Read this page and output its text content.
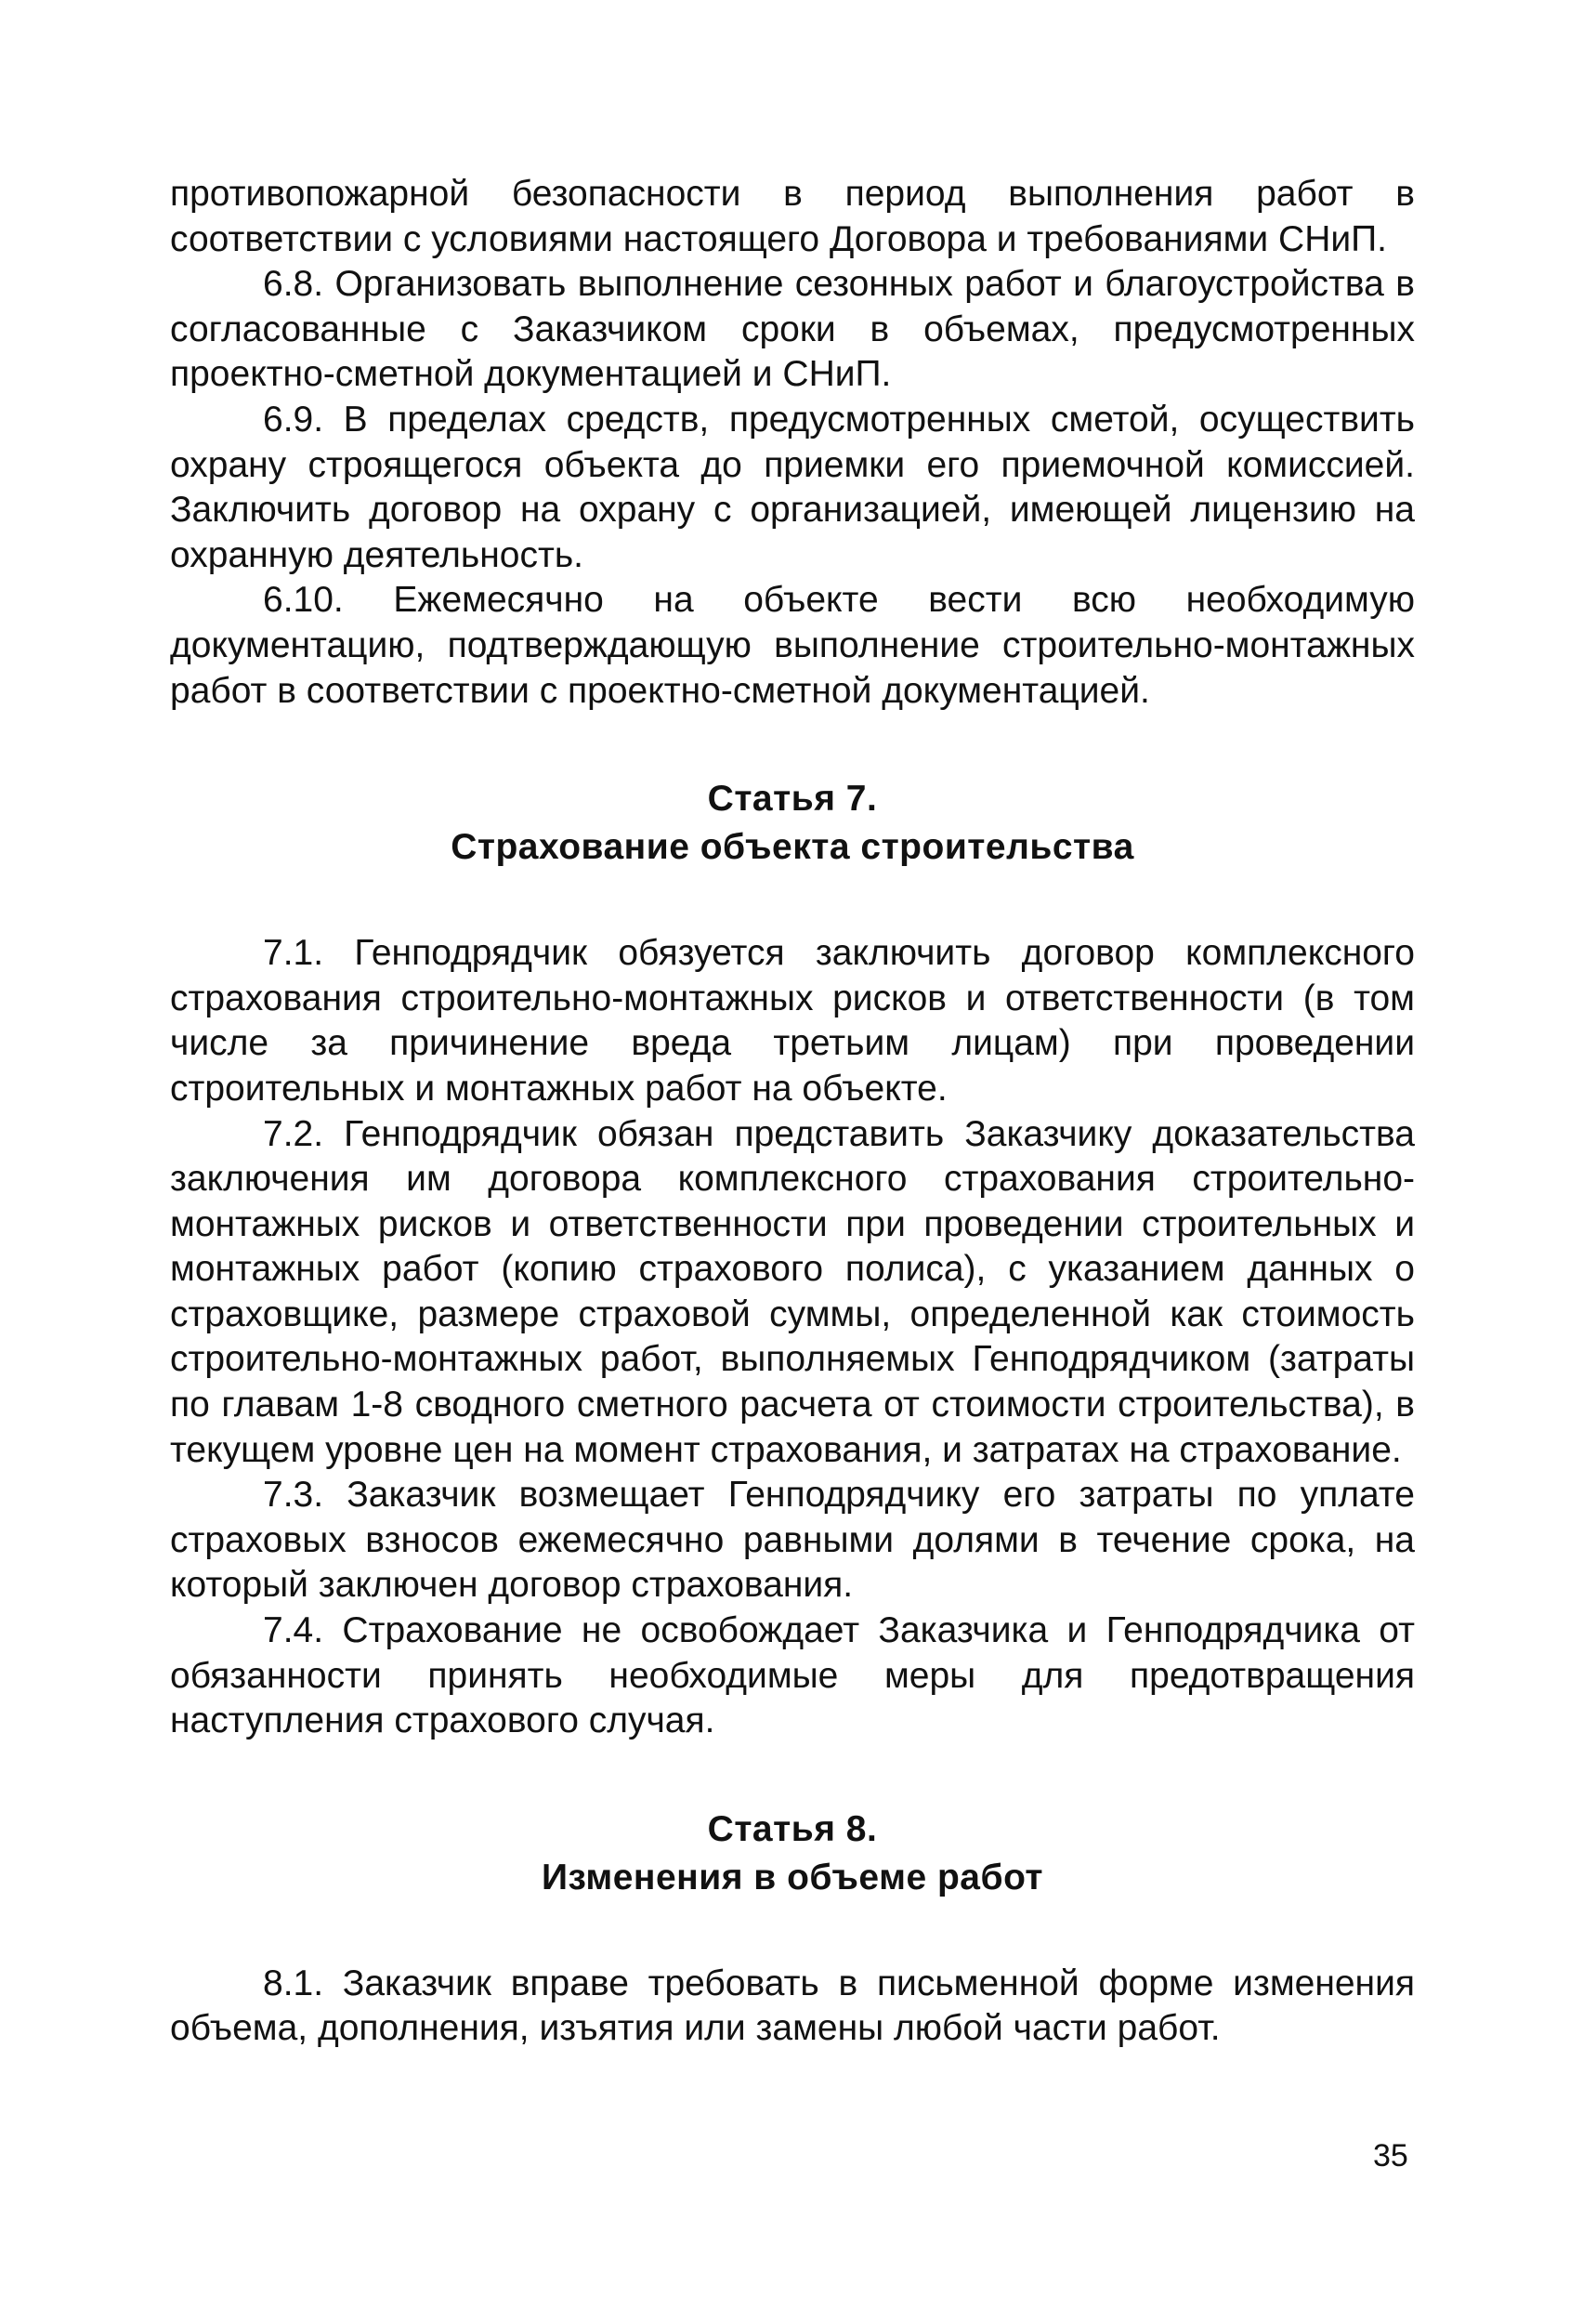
противопожарной безопасности в период выполнения работ в соответствии с условиями настоящего Договора и требованиями СНиП.

6.8. Организовать выполнение сезонных работ и благоустройства в согласованные с Заказчиком сроки в объемах, предусмотренных проектно-сметной документацией и СНиП.

6.9. В пределах средств, предусмотренных сметой, осуществить охрану строящегося объекта до приемки его приемочной комиссией. Заключить договор на охрану с организацией, имеющей лицензию на охранную деятельность.

6.10. Ежемесячно на объекте вести всю необходимую документацию, подтверждающую выполнение строительно-монтажных работ в соответствии с проектно-сметной документацией.

Статья 7.

Страхование объекта строительства

7.1. Генподрядчик обязуется заключить договор комплексного страхования строительно-монтажных рисков и ответственности (в том числе за причинение вреда третьим лицам) при проведении строительных и монтажных работ на объекте.

7.2. Генподрядчик обязан представить Заказчику доказательства заключения им договора комплексного страхования строительно-монтажных рисков и ответственности при проведении строительных и монтажных работ (копию страхового полиса), с указанием данных о страховщике, размере страховой суммы, определенной как стоимость строительно-монтажных работ, выполняемых Генподрядчиком (затраты по главам 1-8 сводного сметного расчета от стоимости строительства), в текущем уровне цен на момент страхования, и затратах на страхование.

7.3. Заказчик возмещает Генподрядчику его затраты по уплате страховых взносов ежемесячно равными долями в течение срока, на который заключен договор страхования.

7.4. Страхование не освобождает Заказчика и Генподрядчика от обязанности принять необходимые меры для предотвращения наступления страхового случая.

Статья 8.

Изменения в объеме работ

8.1. Заказчик вправе требовать в письменной форме изменения объема, дополнения, изъятия или замены любой части работ.

35
